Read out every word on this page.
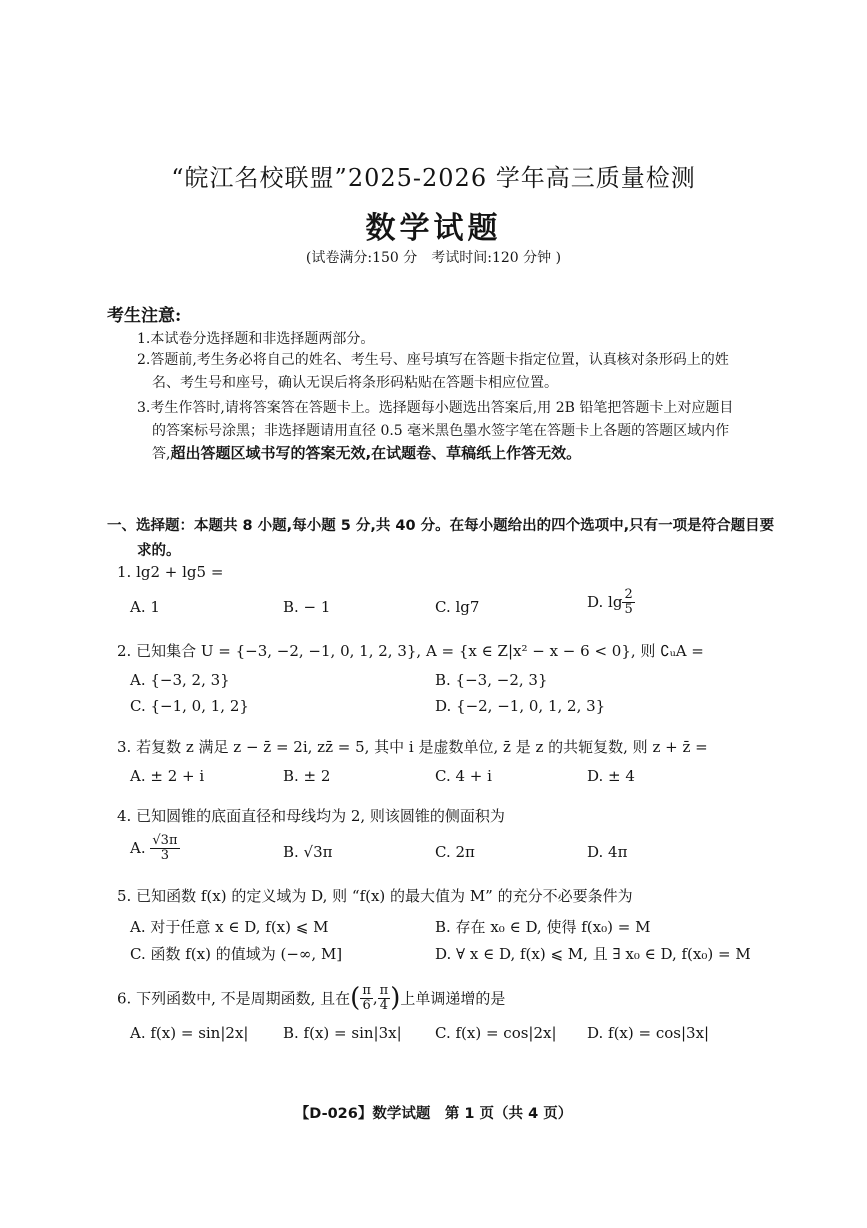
“皖江名校联盟”2025-2026 学年高三质量检测
数学试题
(试卷满分:150 分　考试时间:120 分钟 )
考生注意:
1.本试卷分选择题和非选择题两部分。
2.答题前,考生务必将自己的姓名、考生号、座号填写在答题卡指定位置，认真核对条形码上的姓
名、考生号和座号，确认无误后将条形码粘贴在答题卡相应位置。
3.考生作答时,请将答案答在答题卡上。选择题每小题选出答案后,用 2B 铅笔把答题卡上对应题目
的答案标号涂黑；非选择题请用直径 0.5 毫米黑色墨水签字笔在答题卡上各题的答题区域内作
答,超出答题区域书写的答案无效,在试题卷、草稿纸上作答无效。
一、选择题：本题共 8 小题,每小题 5 分,共 40 分。在每小题给出的四个选项中,只有一项是符合题目要
求的。
1. lg2 + lg5 =
A. 1	B. − 1	C. lg7	D. $\lg \frac{2}{5}$
2. 已知集合 U = {−3, −2, −1, 0, 1, 2, 3}, A = {x ∈ Z|x² − x − 6 < 0}, 则 ∁ᵤA =
A. {−3, 2, 3}	B. {−3, −2, 3}
C. {−1, 0, 1, 2}	D. {−2, −1, 0, 1, 2, 3}
3. 若复数 z 满足 z − z̄ = 2i, zz̄ = 5, 其中 i 是虚数单位, z̄ 是 z 的共轭复数, 则 z + z̄ =
A. ± 2 + i	B. ± 2	C. 4 + i	D. ± 4
4. 已知圆锥的底面直径和母线均为 2, 则该圆锥的侧面积为
A. $\frac{√3\pi}{3}$	B. √3π	C. 2π	D. 4π
5. 已知函数 f(x) 的定义域为 D, 则 “f(x) 的最大值为 M” 的充分不必要条件为
A. 对于任意 x ∈ D, f(x) ⩽ M	B. 存在 x₀ ∈ D, 使得 f(x₀) = M
C. 函数 f(x) 的值域为 (−∞, M]	D. ∀ x ∈ D, f(x) ⩽ M, 且 ∃ x₀ ∈ D, f(x₀) = M
6. 下列函数中, 不是周期函数, 且在( $\frac{\pi}{6}$ , $\frac{\pi}{4}$ )上单调递增的是
A. f(x) = sin|2x| B. f(x) = sin|3x| C. f(x) = cos|2x| D. f(x) = cos|3x|
【D-026】数学试题　第 1 页（共 4 页）
